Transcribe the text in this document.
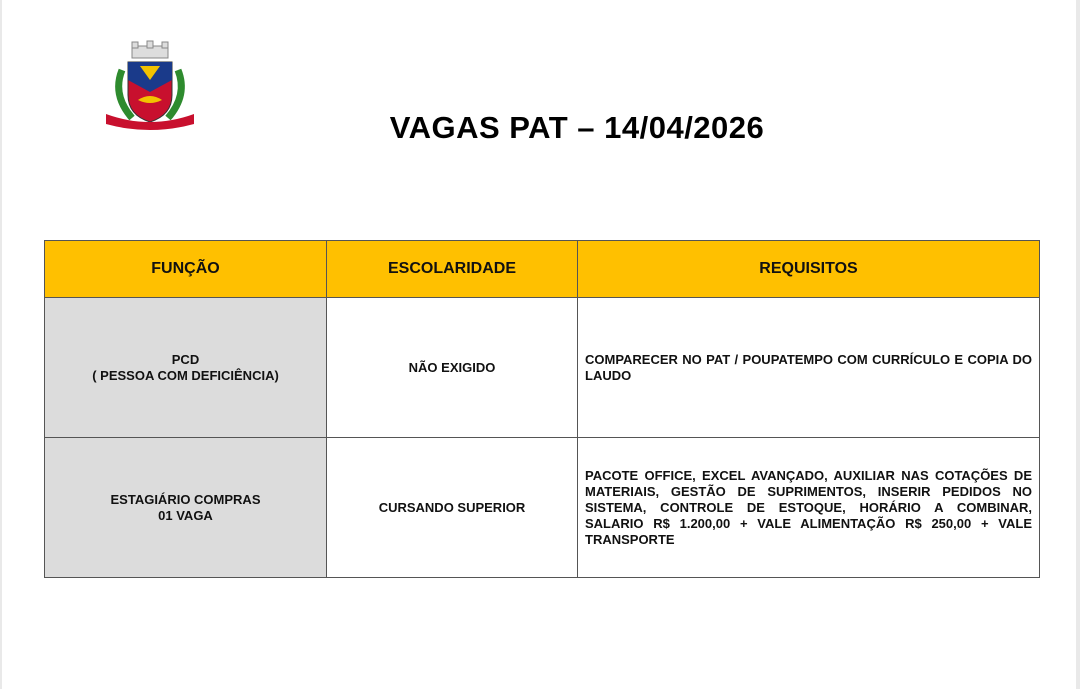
VAGAS PAT – 14/04/2026
FUNÇÃO	ESCOLARIDADE	REQUISITOS

PCD
( PESSOA COM DEFICIÊNCIA)	NÃO EXIGIDO	COMPARECER NO PAT / POUPATEMPO COM CURRÍCULO E COPIA DO LAUDO

ESTAGIÁRIO COMPRAS
01 VAGA	CURSANDO SUPERIOR	PACOTE OFFICE, EXCEL AVANÇADO, AUXILIAR NAS COTAÇÕES DE MATERIAIS, GESTÃO DE SUPRIMENTOS, INSERIR PEDIDOS NO SISTEMA, CONTROLE DE ESTOQUE, HORÁRIO A COMBINAR, SALARIO R$ 1.200,00 + VALE ALIMENTAÇÃO R$ 250,00 + VALE TRANSPORTE
